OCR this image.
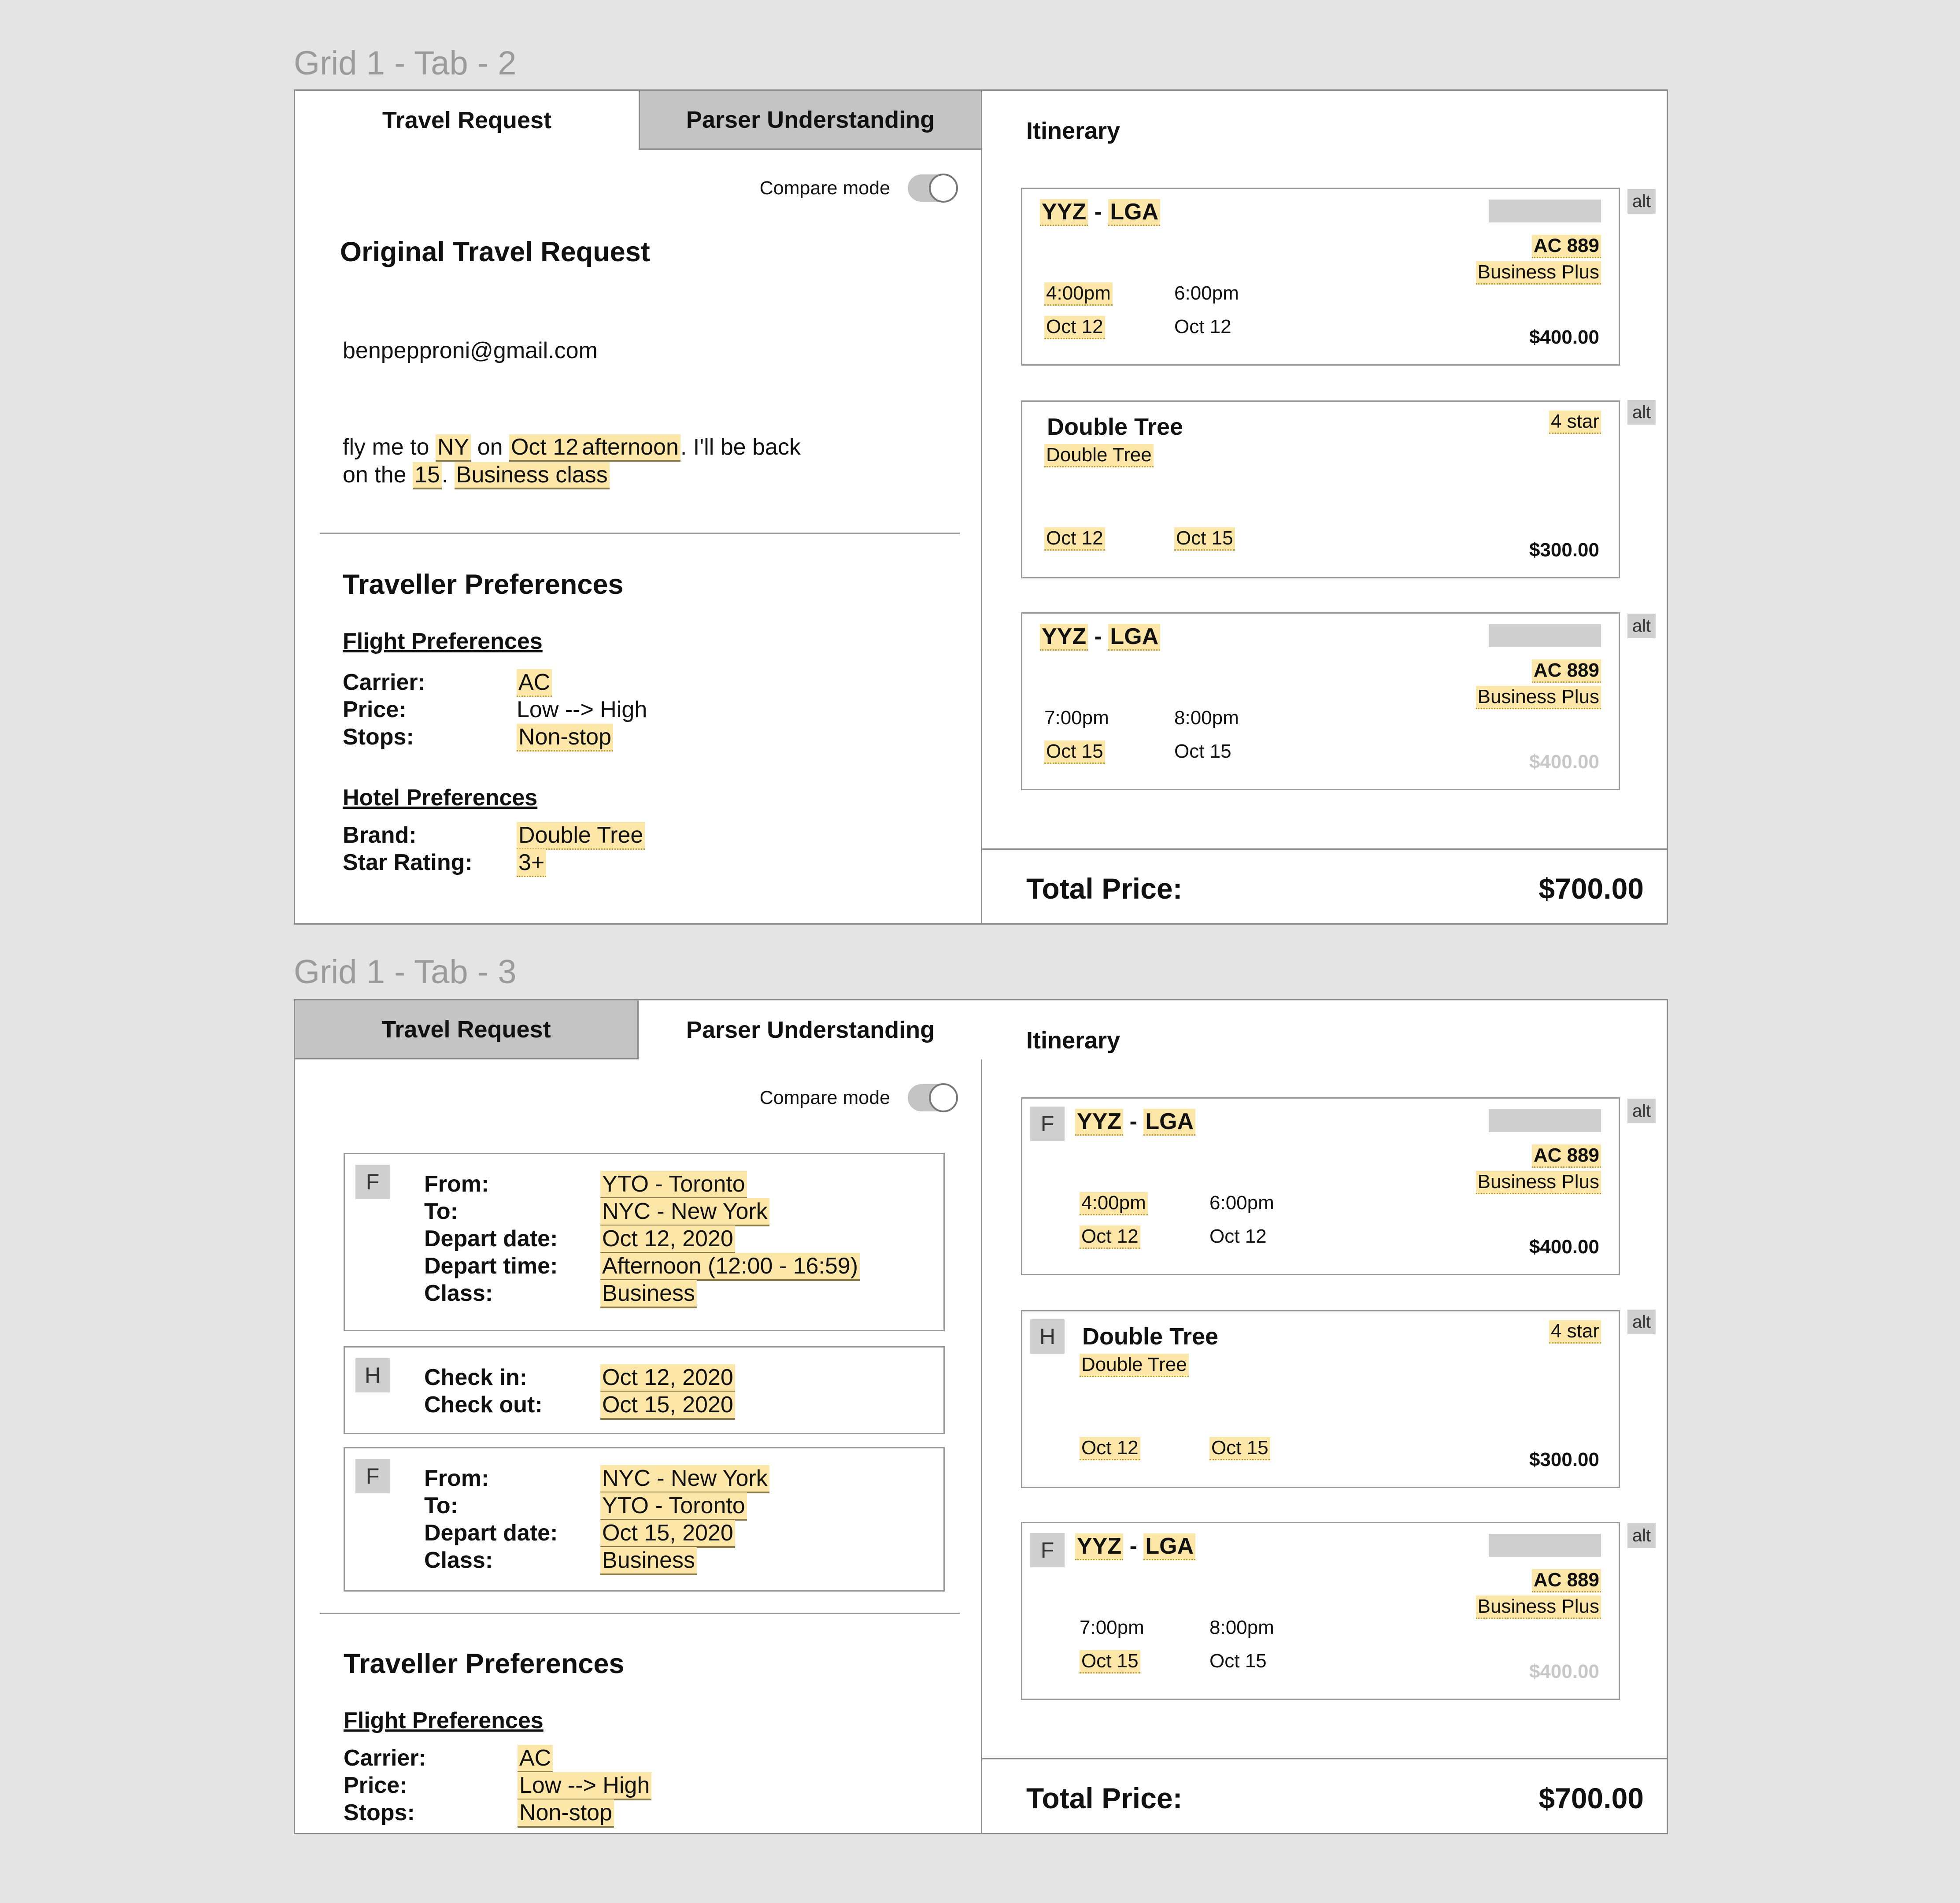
Grid 1 - Tab - 2
Travel Request	Parser Understanding
Compare mode
Original Travel Request
benpepproni@gmail.com
fly me to NY on Oct 12 afternoon. I'll be back
on the 15. Business class
Traveller Preferences
Flight Preferences
Carrier:	AC
Price:	Low --> High
Stops:	Non-stop
Hotel Preferences
Brand:	Double Tree
Star Rating: 3+
Itinerary
YYZ - LGA
AC 889
Business Plus
4:00pm	6:00pm
Oct 12	Oct 12	$400.00
alt
Double Tree
Double Tree
4 star
Oct 12	Oct 15
$300.00
alt
YYZ - LGA
AC 889
Business Plus
7:00pm	8:00pm
Oct 15	Oct 15	$400.00
alt
Total Price:	$700.00
Grid 1 - Tab - 3
Travel Request	Parser Understanding
Compare mode
F	From:	YTO - Toronto
To:	NYC - New York
Depart date: Oct 12, 2020
Depart time: Afternoon (12:00 - 16:59)
Class:	Business
H	Check in:	Oct 12, 2020
Check out:	Oct 15, 2020
F	From:	NYC - New York
To:	YTO - Toronto
Depart date: Oct 15, 2020
Class:	Business
Traveller Preferences
Flight Preferences
Carrier:	AC
Price:	Low --> High
Stops:	Non-stop
Itinerary
F YYZ - LGA
AC 889
Business Plus
4:00pm	6:00pm
Oct 12	Oct 12	$400.00
alt
H	Double Tree
Double Tree
4 star
Oct 12	Oct 15
$300.00
alt
F YYZ - LGA
AC 889
Business Plus
7:00pm	8:00pm
Oct 15	Oct 15	$400.00
alt
Total Price:	$700.00
